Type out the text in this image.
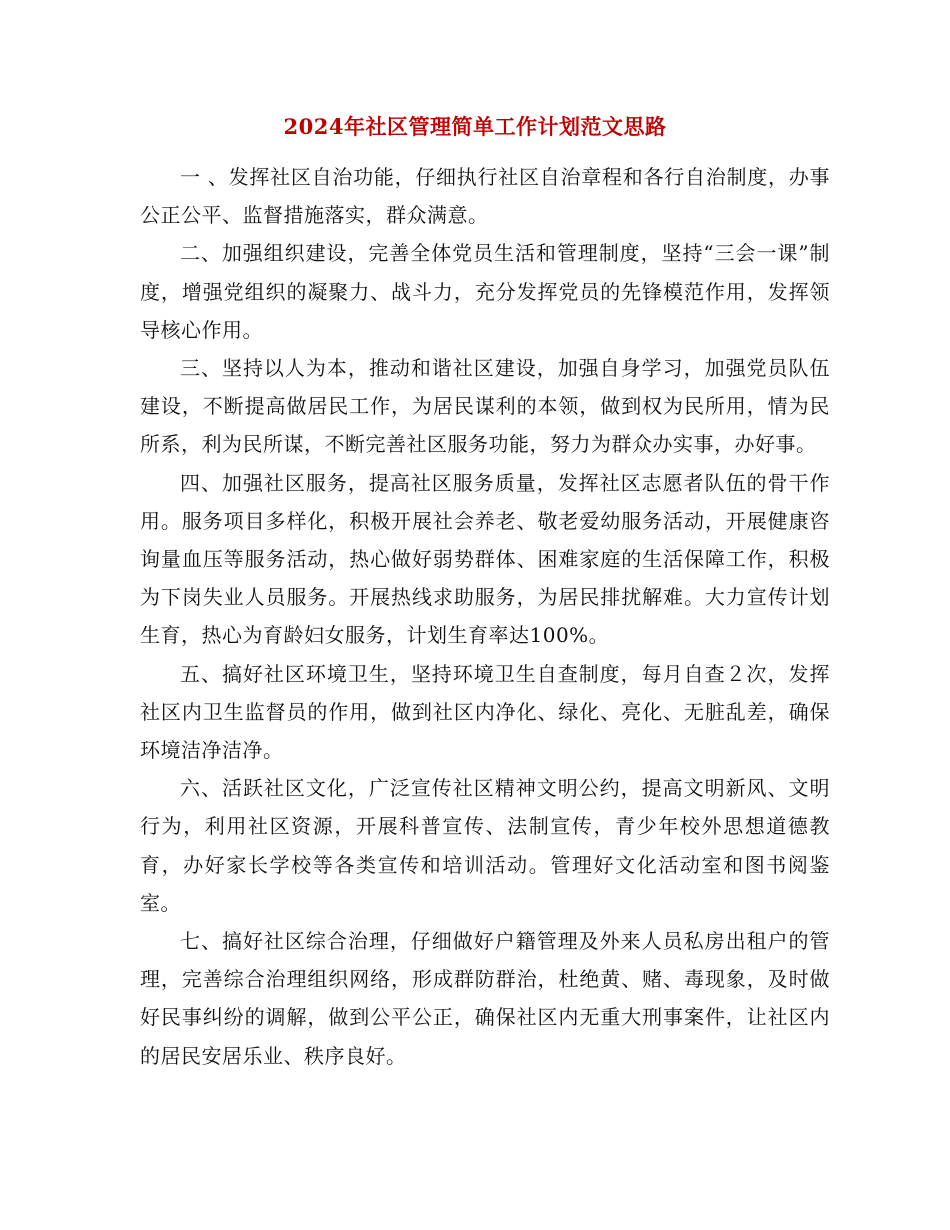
2024年社区管理简单工作计划范文思路

一 、发挥社区自治功能，仔细执行社区自治章程和各行自治制度，办事公正公平、监督措施落实，群众满意。

二、加强组织建设，完善全体党员生活和管理制度，坚持“三会一课”制度，增强党组织的凝聚力、战斗力，充分发挥党员的先锋模范作用，发挥领导核心作用。

三、坚持以人为本，推动和谐社区建设，加强自身学习，加强党员队伍建设，不断提高做居民工作，为居民谋利的本领，做到权为民所用，情为民所系，利为民所谋，不断完善社区服务功能，努力为群众办实事，办好事。

四、加强社区服务，提高社区服务质量，发挥社区志愿者队伍的骨干作用。服务项目多样化，积极开展社会养老、敬老爱幼服务活动，开展健康咨询量血压等服务活动，热心做好弱势群体、困难家庭的生活保障工作，积极为下岗失业人员服务。开展热线求助服务，为居民排扰解难。大力宣传计划生育，热心为育龄妇女服务，计划生育率达100%。

五、搞好社区环境卫生，坚持环境卫生自查制度，每月自查２次，发挥社区内卫生监督员的作用，做到社区内净化、绿化、亮化、无脏乱差，确保环境洁净洁净。

六、活跃社区文化，广泛宣传社区精神文明公约，提高文明新风、文明行为，利用社区资源，开展科普宣传、法制宣传，青少年校外思想道德教育，办好家长学校等各类宣传和培训活动。管理好文化活动室和图书阅鉴室。

七、搞好社区综合治理，仔细做好户籍管理及外来人员私房出租户的管理，完善综合治理组织网络，形成群防群治，杜绝黄、赌、毒现象，及时做好民事纠纷的调解，做到公平公正，确保社区内无重大刑事案件，让社区内的居民安居乐业、秩序良好。
